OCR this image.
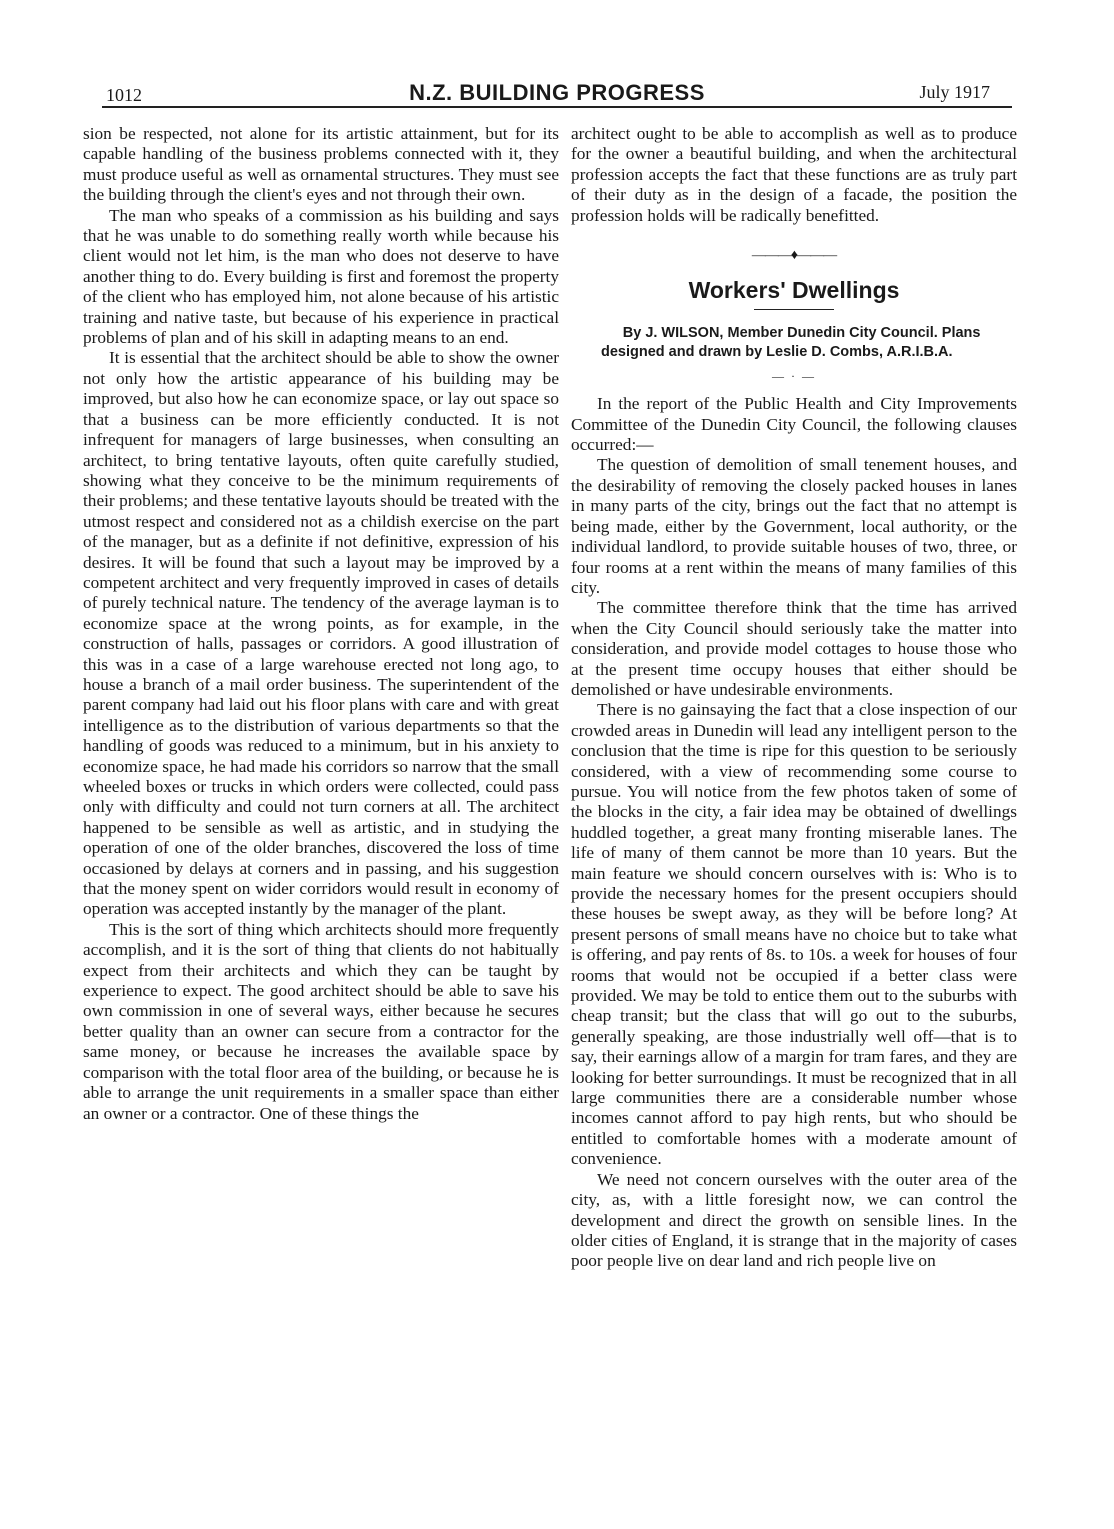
1012	N.Z. BUILDING PROGRESS	July 1917

sion be respected, not alone for its artistic attainment, but for its capable handling of the business problems connected with it, they must produce useful as well as ornamental structures. They must see the building through the client's eyes and not through their own.

The man who speaks of a commission as his building and says that he was unable to do something really worth while because his client would not let him, is the man who does not deserve to have another thing to do. Every building is first and foremost the property of the client who has employed him, not alone because of his artistic training and native taste, but because of his experience in practical problems of plan and of his skill in adapting means to an end.

It is essential that the architect should be able to show the owner not only how the artistic appearance of his building may be improved, but also how he can economize space, or lay out space so that a business can be more efficiently conducted. It is not infrequent for managers of large businesses, when consulting an architect, to bring tentative layouts, often quite carefully studied, showing what they conceive to be the minimum requirements of their problems; and these tentative layouts should be treated with the utmost respect and considered not as a childish exercise on the part of the manager, but as a definite if not definitive, expression of his desires. It will be found that such a layout may be improved by a competent architect and very frequently improved in cases of details of purely technical nature. The tendency of the average layman is to economize space at the wrong points, as for example, in the construction of halls, passages or corridors. A good illustration of this was in a case of a large warehouse erected not long ago, to house a branch of a mail order business. The superintendent of the parent company had laid out his floor plans with care and with great intelligence as to the distribution of various departments so that the handling of goods was reduced to a minimum, but in his anxiety to economize space, he had made his corridors so narrow that the small wheeled boxes or trucks in which orders were collected, could pass only with difficulty and could not turn corners at all. The architect happened to be sensible as well as artistic, and in studying the operation of one of the older branches, discovered the loss of time occasioned by delays at corners and in passing, and his suggestion that the money spent on wider corridors would result in economy of operation was accepted instantly by the manager of the plant.

This is the sort of thing which architects should more frequently accomplish, and it is the sort of thing that clients do not habitually expect from their architects and which they can be taught by experience to expect. The good architect should be able to save his own commission in one of several ways, either because he secures better quality than an owner can secure from a contractor for the same money, or because he increases the available space by comparison with the total floor area of the building, or because he is able to arrange the unit requirements in a smaller space than either an owner or a contractor. One of these things the

architect ought to be able to accomplish as well as to produce for the owner a beautiful building, and when the architectural profession accepts the fact that these functions are as truly part of their duty as in the design of a facade, the position the profession holds will be radically benefitted.

———♦———
Workers' Dwellings

By J. WILSON, Member Dunedin City Council. Plans designed and drawn by Leslie D. Combs, A.R.I.B.A.

— · —

In the report of the Public Health and City Improvements Committee of the Dunedin City Council, the following clauses occurred:—

The question of demolition of small tenement houses, and the desirability of removing the closely packed houses in lanes in many parts of the city, brings out the fact that no attempt is being made, either by the Government, local authority, or the individual landlord, to provide suitable houses of two, three, or four rooms at a rent within the means of many families of this city.

The committee therefore think that the time has arrived when the City Council should seriously take the matter into consideration, and provide model cottages to house those who at the present time occupy houses that either should be demolished or have undesirable environments.

There is no gainsaying the fact that a close inspection of our crowded areas in Dunedin will lead any intelligent person to the conclusion that the time is ripe for this question to be seriously considered, with a view of recommending some course to pursue. You will notice from the few photos taken of some of the blocks in the city, a fair idea may be obtained of dwellings huddled together, a great many fronting miserable lanes. The life of many of them cannot be more than 10 years. But the main feature we should concern ourselves with is: Who is to provide the necessary homes for the present occupiers should these houses be swept away, as they will be before long? At present persons of small means have no choice but to take what is offering, and pay rents of 8s. to 10s. a week for houses of four rooms that would not be occupied if a better class were provided. We may be told to entice them out to the suburbs with cheap transit; but the class that will go out to the suburbs, generally speaking, are those industrially well off—that is to say, their earnings allow of a margin for tram fares, and they are looking for better surroundings. It must be recognized that in all large communities there are a considerable number whose incomes cannot afford to pay high rents, but who should be entitled to comfortable homes with a moderate amount of convenience.

We need not concern ourselves with the outer area of the city, as, with a little foresight now, we can control the development and direct the growth on sensible lines. In the older cities of England, it is strange that in the majority of cases poor people live on dear land and rich people live on
